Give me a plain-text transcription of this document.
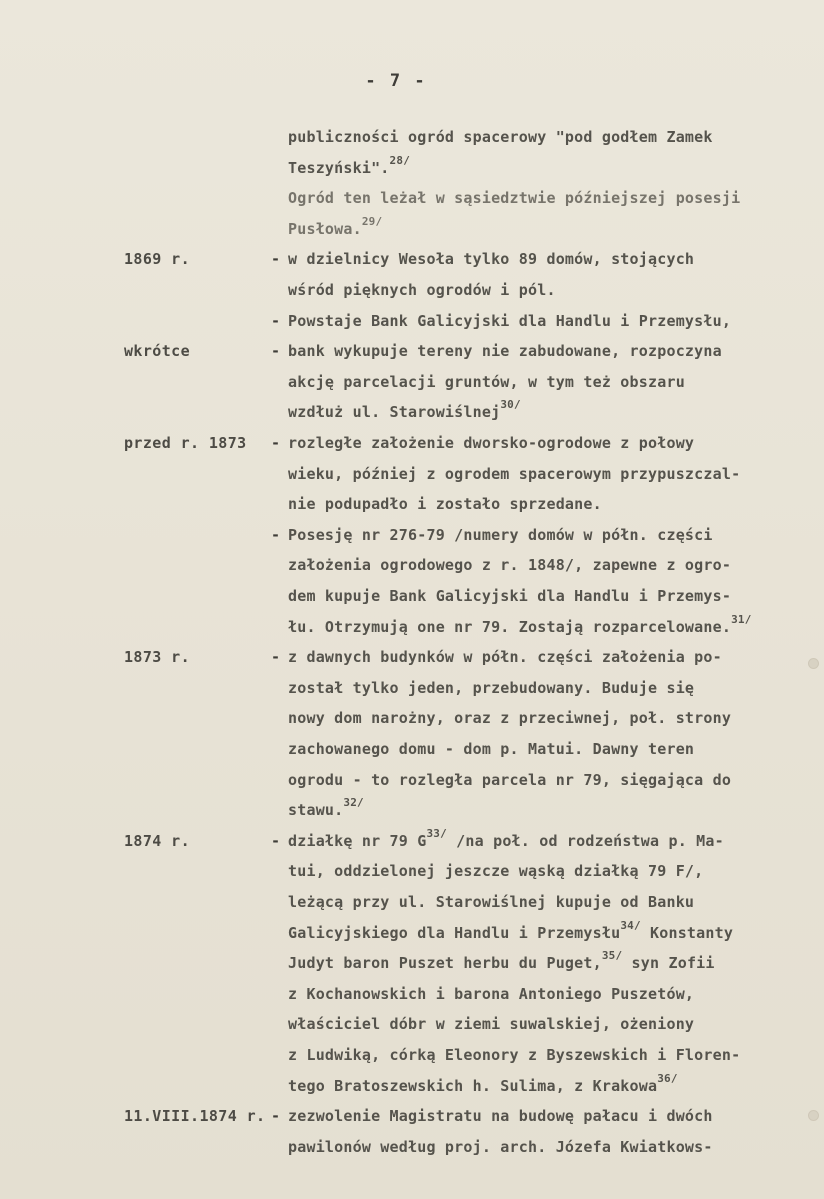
- 7 -
publiczności ogród spacerowy "pod godłem Zamek
Teszyński".$^{28/}$
Ogród ten leżał w sąsiedztwie późniejszej posesji
Pusłowa.$^{29/}$
1869 r.	- w dzielnicy Wesoła tylko 89 domów, stojących
wśród pięknych ogrodów i pól.
- Powstaje Bank Galicyjski dla Handlu i Przemysłu,
wkrótce	- bank wykupuje tereny nie zabudowane, rozpoczyna
akcję parcelacji gruntów, w tym też obszaru
wzdłuż ul. Starowiślnej$^{30/}$
przed r. 1873 - rozległe założenie dworsko-ogrodowe z połowy
wieku, później z ogrodem spacerowym przypuszczal-
nie podupadło i zostało sprzedane.
- Posesję nr 276-79 /numery domów w półn. części
założenia ogrodowego z r. 1848/, zapewne z ogro-
dem kupuje Bank Galicyjski dla Handlu i Przemys-
łu. Otrzymują one nr 79. Zostają rozparcelowane.$^{31/}$
1873 r.	- z dawnych budynków w półn. części założenia po-
został tylko jeden, przebudowany. Buduje się
nowy dom narożny, oraz z przeciwnej, poł. strony
zachowanego domu - dom p. Matui. Dawny teren
ogrodu - to rozległa parcela nr 79, sięgająca do
stawu.$^{32/}$
1874 r.	- działkę nr 79 $G^{33/}$ /na poł. od rodzeństwa p. Ma-
tui, oddzielonej jeszcze wąską działką 79 F/,
leżącą przy ul. Starowiślnej kupuje od Banku
Galicyjskiego dla Handlu i Przemysłu$^{34/}$ Konstanty
Judyt baron Puszet herbu du Puget,$^{35/}$ syn Zofii
z Kochanowskich i barona Antoniego Puszetów,
właściciel dóbr w ziemi suwalskiej, ożeniony
z Ludwiką, córką Eleonory z Byszewskich i Floren-
tego Bratoszewskich h. Sulima, z Krakowa$^{36/}$
11.VIII.1874 r. - zezwolenie Magistratu na budowę pałacu i dwóch
pawilonów według proj. arch. Józefa Kwiatkows-
